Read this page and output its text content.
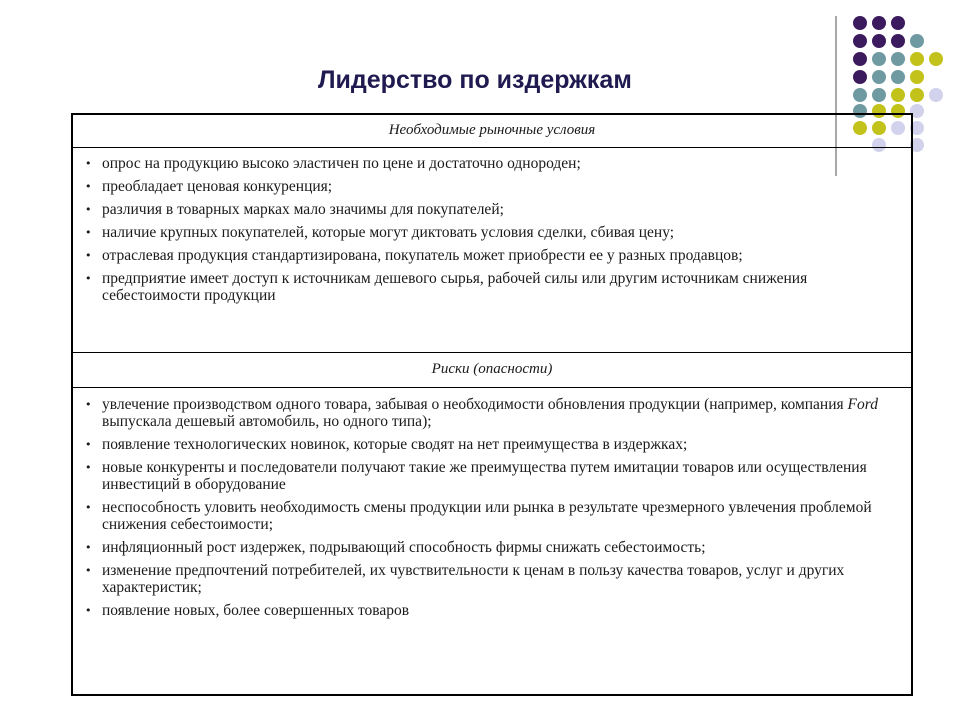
Лидерство по издержкам
Необходимые рыночные условия
• опрос на продукцию высоко эластичен по цене и достаточно однороден;
• преобладает ценовая конкуренция;
• различия в товарных марках мало значимы для покупателей;
• наличие крупных покупателей, которые могут диктовать условия сделки, сбивая цену;
• отраслевая продукция стандартизирована, покупатель может приобрести ее у разных продавцов;
• предприятие имеет доступ к источникам дешевого сырья, рабочей силы или другим источникам снижения себестоимости продукции
Риски (опасности)
• увлечение производством одного товара, забывая о необходимости обновления продукции (например, компания Ford выпускала дешевый автомобиль, но одного типа);
• появление технологических новинок, которые сводят на нет преимущества в издержках;
• новые конкуренты и последователи получают такие же преимущества путем имитации товаров или осуществления инвестиций в оборудование
• неспособность уловить необходимость смены продукции или рынка в результате чрезмерного увлечения проблемой снижения себестоимости;
• инфляционный рост издержек, подрывающий способность фирмы снижать себестоимость;
• изменение предпочтений потребителей, их чувствительности к ценам в пользу качества товаров, услуг и других характеристик;
• появление новых, более совершенных товаров
